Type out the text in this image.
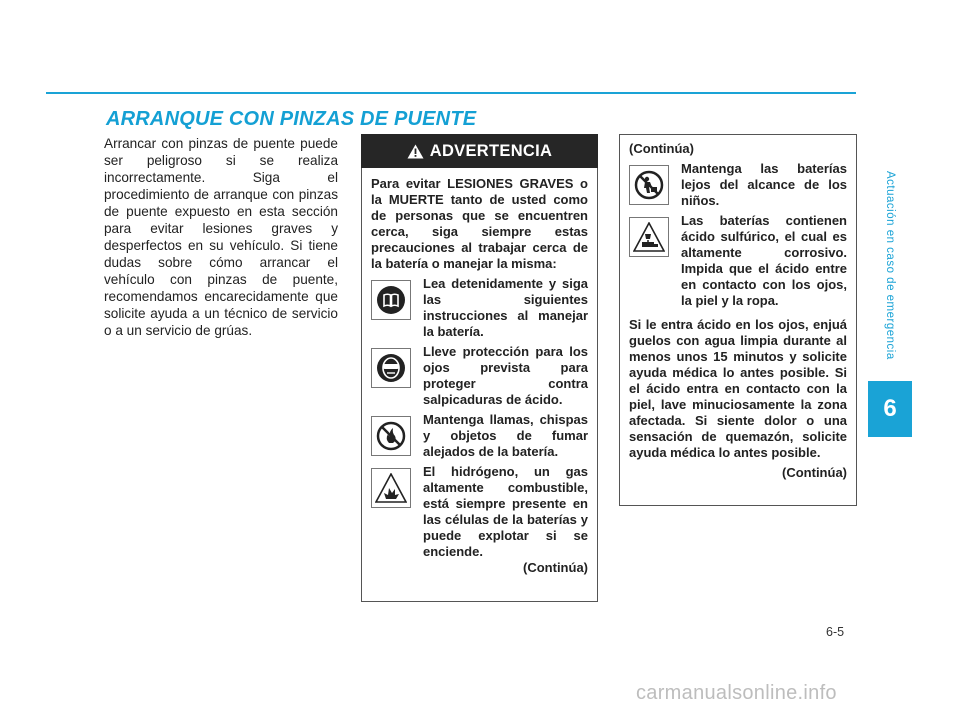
ARRANQUE CON PINZAS DE PUENTE

Arrancar con pinzas de puente puede ser peligroso si se realiza incorrectamente. Siga el procedimiento de arranque con pinzas de puente expuesto en esta sección para evitar lesiones graves y desperfectos en su vehículo. Si tiene dudas sobre cómo arrancar el vehículo con pinzas de puente, recomendamos encarecidamente que solicite ayuda a un técnico de servicio o a un servicio de grúas.

ADVERTENCIA

Para evitar LESIONES GRAVES o la MUERTE tanto de usted como de personas que se encuentren cerca, siga siempre estas precauciones al trabajar cerca de la batería o manejar la misma:

Lea detenidamente y siga las siguientes instrucciones al manejar la batería.
Lleve protección para los ojos prevista para proteger contra salpicaduras de ácido.
Mantenga llamas, chispas y objetos de fumar alejados de la batería.
El hidrógeno, un gas altamente combustible, está siempre presente en las células de la baterías y puede explotar si se enciende.
(Continúa)
(Continúa)
Mantenga las baterías lejos del alcance de los niños.
Las baterías contienen ácido sulfúrico, el cual es altamente corrosivo. Impida que el ácido entre en contacto con los ojos, la piel y la ropa.

Si le entra ácido en los ojos, enjuá guelos con agua limpia durante al menos unos 15 minutos y solicite ayuda médica lo antes posible. Si el ácido entra en contacto con la piel, lave minuciosamente la zona afectada. Si siente dolor o una sensación de quemazón, solicite ayuda médica lo antes posible.

(Continúa)
Actuación en caso de emergencia
6
6-5
carmanualsonline.info
